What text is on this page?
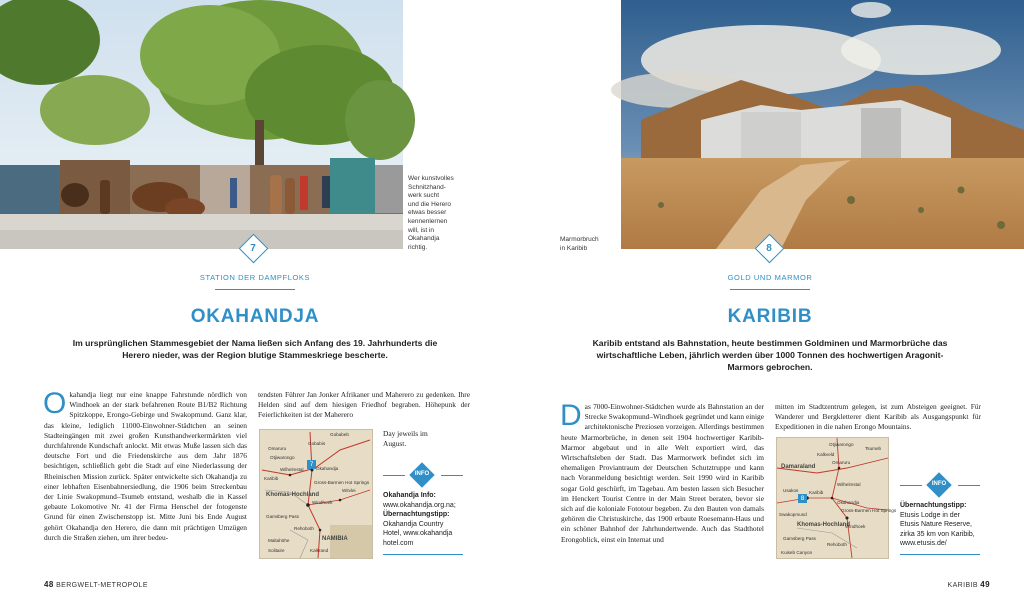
Wer kunstvolles
Schnitzhand-
werk sucht
und die Herero
etwas besser
kennenlernen
will, ist in
Okahandja
richtig.
7
STATION DER DAMPFLOKS
OKAHANDJA
Im ursprünglichen Stammesgebiet der Nama ließen sich Anfang des 19. Jahrhunderts die Herero nieder, was der Region blutige Stammeskriege bescherte.
Okahandja liegt nur eine knappe Fahrstunde nördlich von Windhoek an der stark befahrenen Route B1/B2 Richtung Spitzkoppe, Erongo-Gebirge und Swakopmund. Ganz klar, das kleine, lediglich 11000-Einwohner-Städtchen an seinen Stadteingängen mit zwei großen Kunsthandwerkermärkten viel durchfahrende Kundschaft anlockt. Mit etwas Muße lassen sich das deutsche Fort und die Friedenskirche aus dem Jahr 1876 besichtigen, schließlich gebt die Stadt auf eine Niederlassung der Rheinischen Mission zurück. Später entwickelte sich Okahandja zu einer lebhaften Eisenbahnersiedlung, die 1906 beim Streckenbau der Linie Swakopmund–Tsumeb entstand, weshalb die in Kassel gebaute Lokomotive Nr. 41 der Firma Henschel der fotogenste Grund für einen Zwischenstopp ist. Mitte Juni bis Ende August gehört Okahandja den Herero, die dann mit prächtigen Umzügen durch die Straßen ziehen, um ihrer bedeu-
tendsten Führer Jan Jonker Afrikaner und Maherero zu gedenken. Ihre Helden sind auf dem hiesigen Friedhof begraben. Höhepunk der Feierlichkeiten ist der Maherero
Gobabis
Otjiwarongo
Okahandja
Karibib
Wilhelmstal
Omaruru
Gross-Barmen Hot Springs
Khomas-Hochland
Windhoek
Witvlei
Gamsberg Pass
Rehoboth
NAMIBIA
Maltahöhe
Kalkrand
Solitaire
Gobabeb
7
Day jeweils im August.
INFO
Okahandja Info:
www.okahandja.org.na;
Übernachtungstipp:
Okahandja Country
Hotel, www.okahandja
hotel.com
48 BERGWELT-METROPOLE
Marmorbruch
in Karibib	8
GOLD UND MARMOR
KARIBIB
Karibib entstand als Bahnstation, heute bestimmen Goldminen und Marmorbrüche das wirtschaftliche Leben, jährlich werden über 1000 Tonnen des hochwertigen Aragonit-Marmors gebrochen.
Das 7000-Einwohner-Städtchen wurde als Bahnstation an der Strecke Swakopmund–Windhoek gegründet und kann einige architektonische Preziosen vorzeigen. Allerdings bestimmen heute Marmorbrüche, in denen seit 1904 hochwertiger Karibib-Marmor abgebaut und in alle Welt exportiert wird, das Wirtschaftsleben der Stadt. Das Marmorwerk befindet sich im ehemaligen Proviantraum der Deutschen Schutztruppe und kann nach Voranmeldung besichtigt werden. Seit 1990 wird in Karibib sogar Gold geschürft, im Tagebau. Am besten lassen sich Besucher im Henckert Tourist Centre in der Main Street beraten, bevor sie sich auf die koloniale Fototour begeben. Zu den Bauten von damals gehören die Christuskirche, das 1900 erbaute Roesemann-Haus und ein schöner Bahnhof der Jahrhundertwende. Auch das Stadthotel Erongoblick, einst ein Internat und
mitten im Stadtzentrum gelegen, ist zum Absteigen geeignet. Für Wanderer und Bergkletterer dient Karibib als Ausgangspunkt für Expeditionen in die nahen Erongo Mountains.
Otjiwarongo
Omaruru
Kalkveld
Damaraland
Karibib
Usakos
Tsumeb
Wilhelmstal
Okahandja
Swakopmund
Gross-Barmen Hot Springs
Khomas-Hochland
Windhoek
Gamsberg Pass
Rehoboth
Kuiseb Canyon
8
INFO
Übernachtungstipp:
Etusis Lodge in der
Etusis Nature Reserve,
zirka 35 km von Karibib,
www.etusis.de/
KARIBIB 49
